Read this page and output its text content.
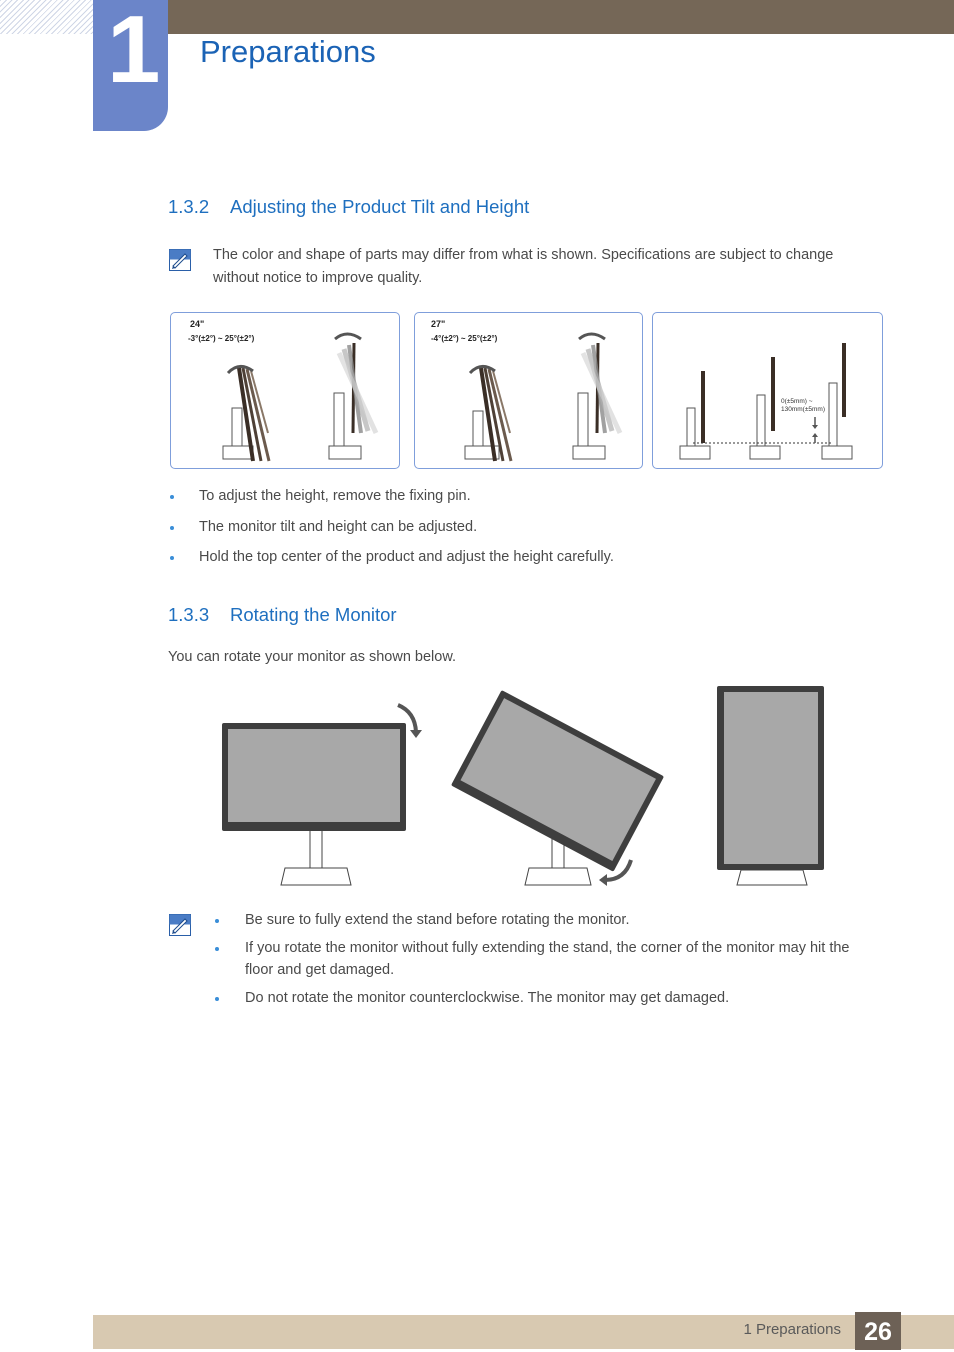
1 Preparations
1.3.2 Adjusting the Product Tilt and Height
The color and shape of parts may differ from what is shown. Specifications are subject to change
without notice to improve quality.
24"
-3°(±2°) ~ 25°(±2°)
27"
-4°(±2°) ~ 25°(±2°)
0(±5mm) ~
130mm(±5mm)
To adjust the height, remove the fixing pin.
The monitor tilt and height can be adjusted.
Hold the top center of the product and adjust the height carefully.
1.3.3 Rotating the Monitor
You can rotate your monitor as shown below.
Be sure to fully extend the stand before rotating the monitor.
If you rotate the monitor without fully extending the stand, the corner of the monitor may hit the
floor and get damaged.
Do not rotate the monitor counterclockwise. The monitor may get damaged.
1 Preparations 26
